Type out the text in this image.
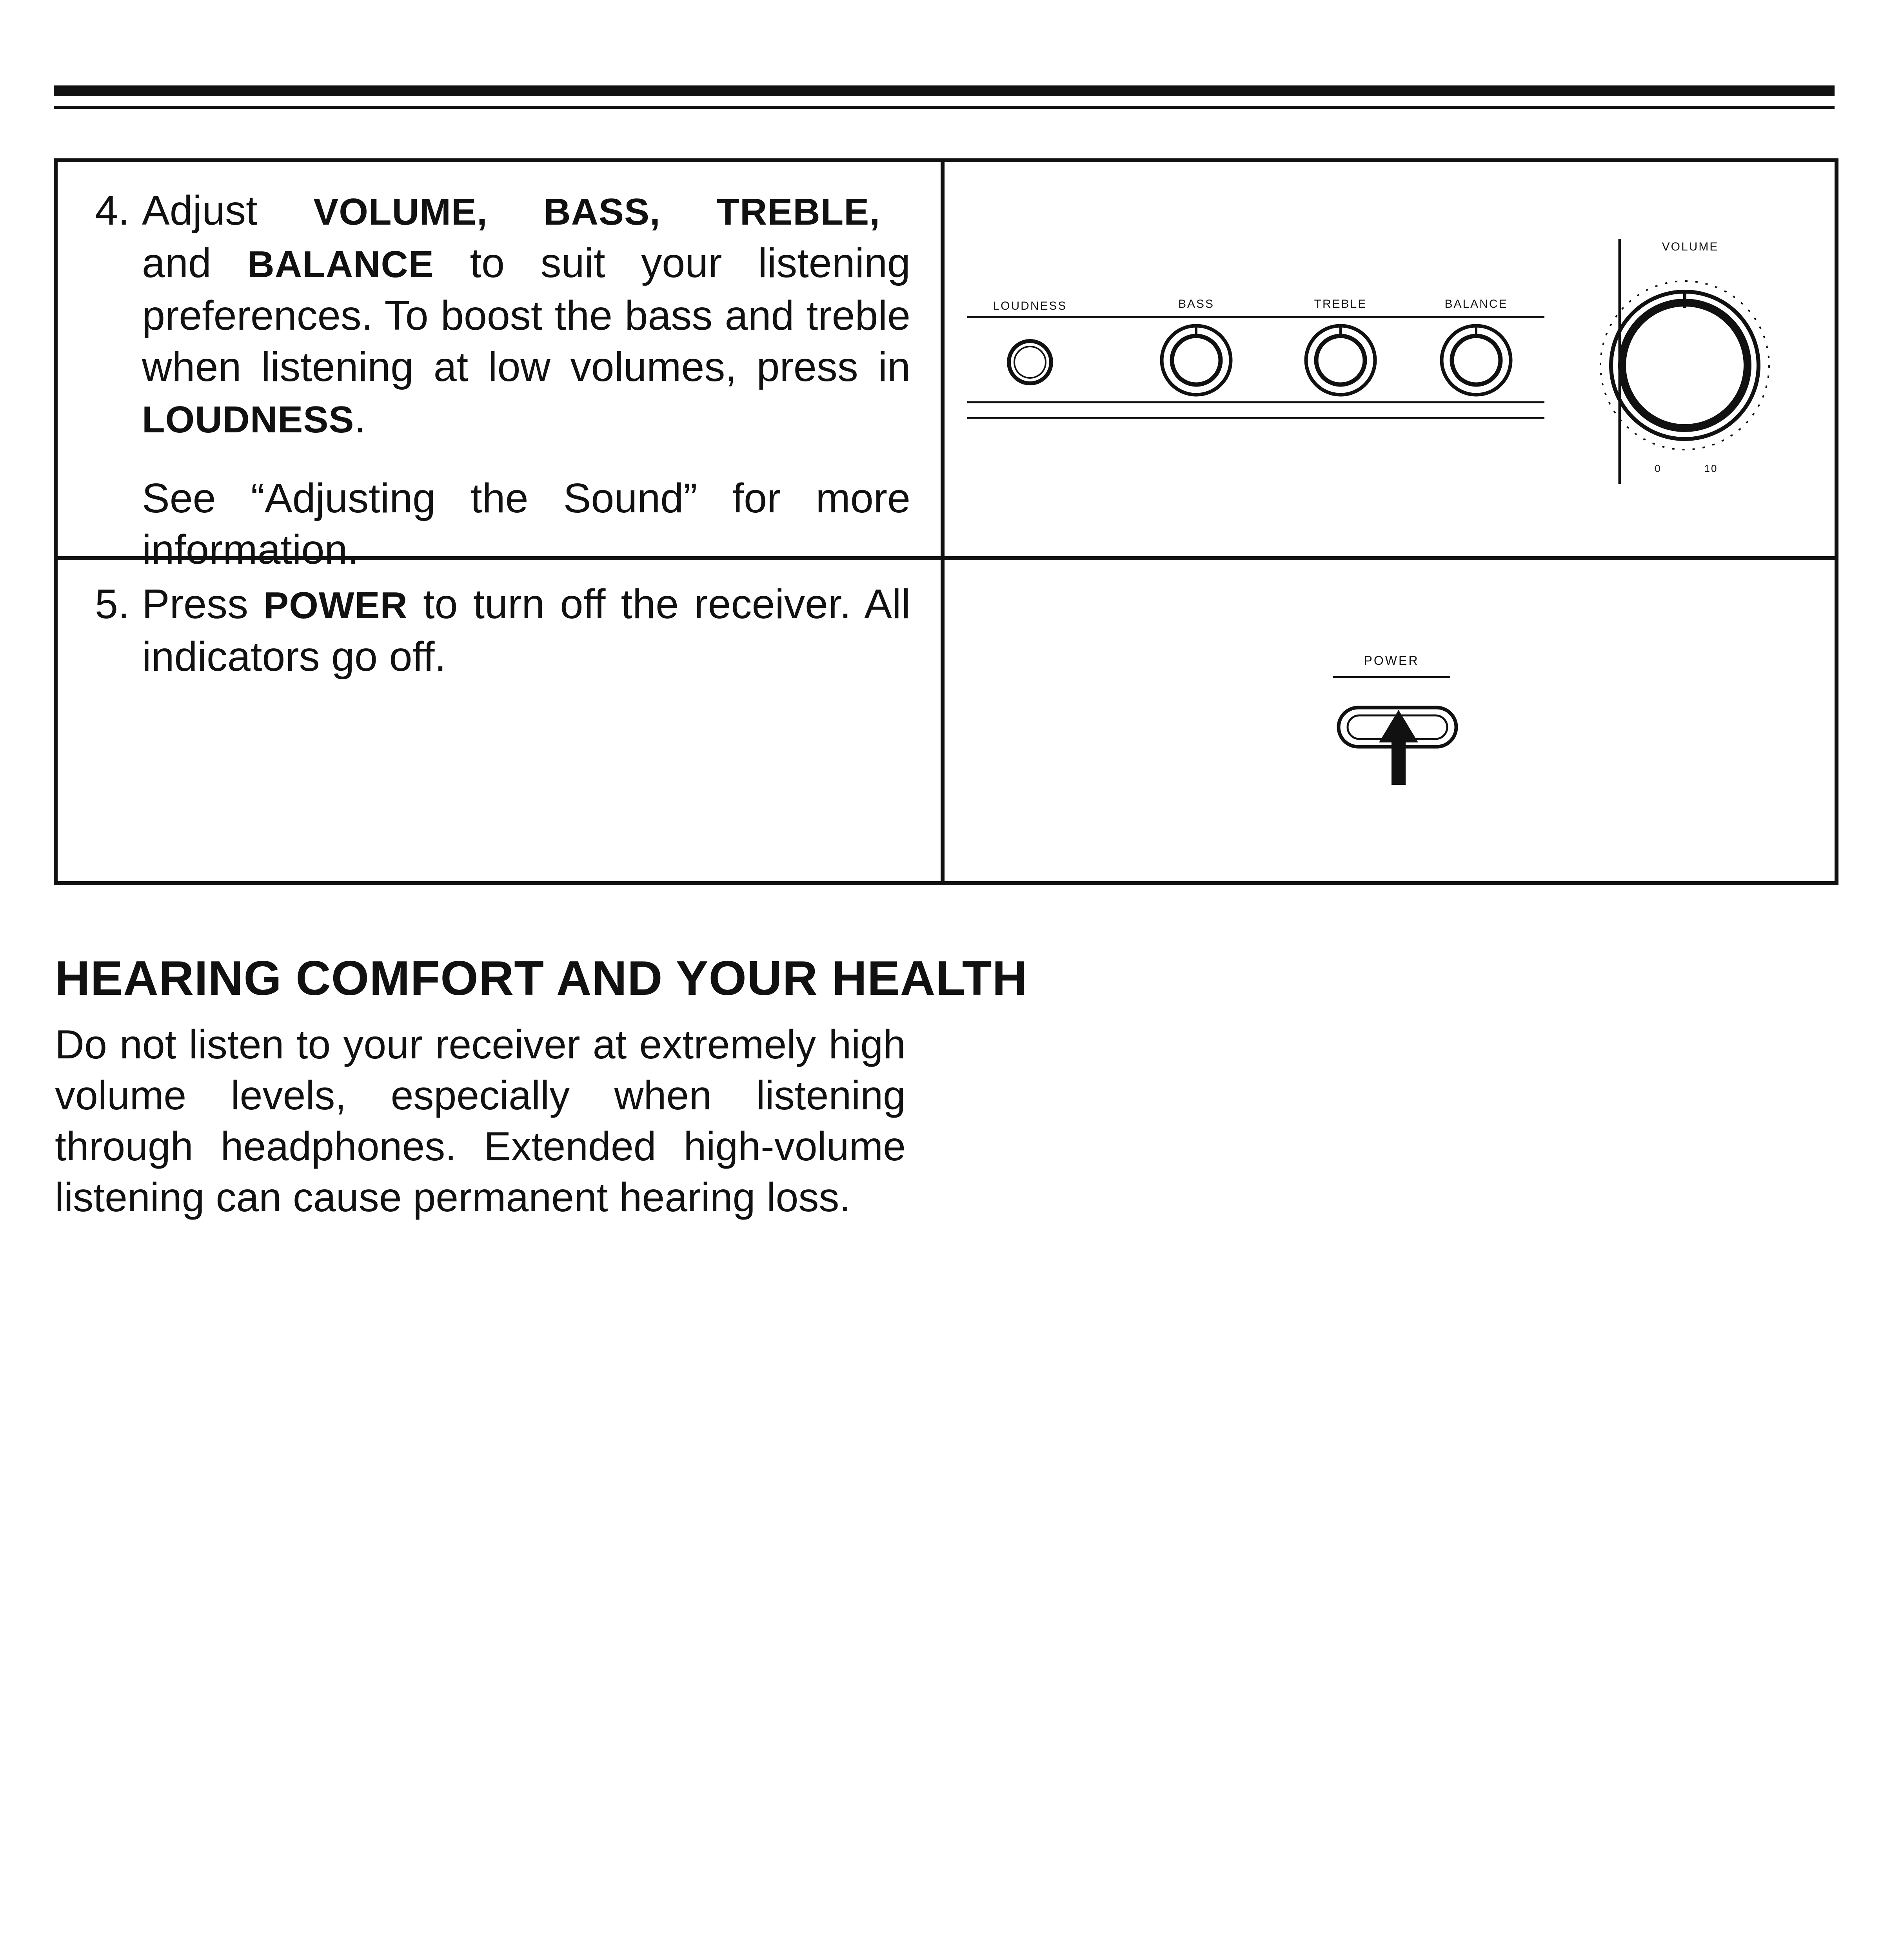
4. Adjust VOLUME, BASS, TREBLE,   and BALANCE to suit your listening preferences. To boost the bass and treble when listening at low volumes, press in LOUDNESS.

See “Adjusting the Sound” for more information.

5. Press POWER to turn off the receiver. All indicators go off.

LOUDNESS	BASS	TREBLE	BALANCE
VOLUME
10
0
POWER
HEARING COMFORT AND YOUR HEALTH

Do not listen to your receiver at extremely high volume levels, especially when listening through headphones. Extended high-volume listening can cause permanent hearing loss.
